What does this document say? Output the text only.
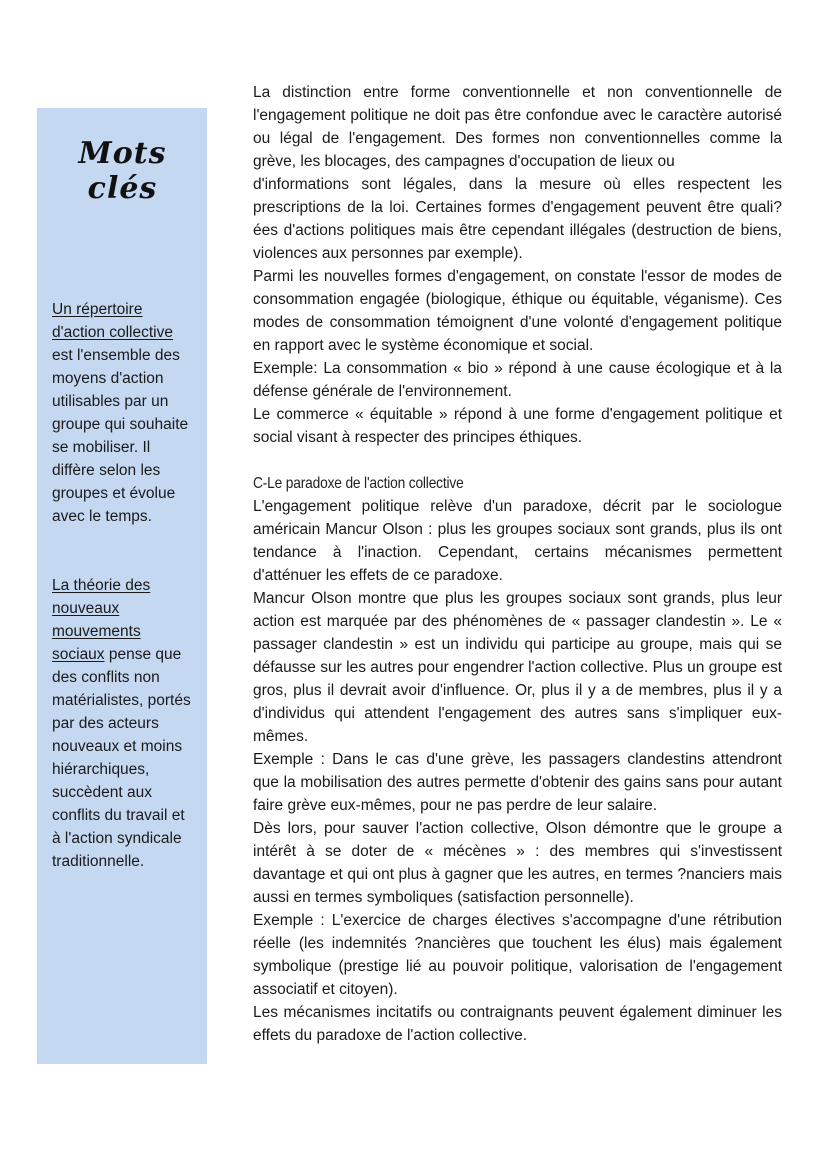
Mots clés
Un répertoire d'action collective est l'ensemble des moyens d'action utilisables par un groupe qui souhaite se mobiliser. Il diffère selon les groupes et évolue avec le temps.
La théorie des nouveaux mouvements sociaux pense que des conflits non matérialistes, portés par des acteurs nouveaux et moins hiérarchiques, succèdent aux conflits du travail et à l'action syndicale traditionnelle.

La distinction entre forme conventionnelle et non conventionnelle de l'engagement politique ne doit pas être confondue avec le caractère autorisé ou légal de l'engagement. Des formes non conventionnelles comme la grève, les blocages, des campagnes d'occupation de lieux ou

d'informations sont légales, dans la mesure où elles respectent les prescriptions de la loi. Certaines formes d'engagement peuvent être quali?ées d'actions politiques mais être cependant illégales (destruction de biens, violences aux personnes par exemple).

Parmi les nouvelles formes d'engagement, on constate l'essor de modes de consommation engagée (biologique, éthique ou équitable, véganisme). Ces modes de consommation témoignent d'une volonté d'engagement politique en rapport avec le système économique et social.

Exemple: La consommation « bio » répond à une cause écologique et à la défense générale de l'environnement.

Le commerce « équitable » répond à une forme d'engagement politique et social visant à respecter des principes éthiques.

C-Le paradoxe de l'action collective

L'engagement politique relève d'un paradoxe, décrit par le sociologue américain Mancur Olson : plus les groupes sociaux sont grands, plus ils ont tendance à l'inaction. Cependant, certains mécanismes permettent d'atténuer les effets de ce paradoxe.

Mancur Olson montre que plus les groupes sociaux sont grands, plus leur action est marquée par des phénomènes de « passager clandestin ». Le « passager clandestin » est un individu qui participe au groupe, mais qui se défausse sur les autres pour engendrer l'action collective. Plus un groupe est gros, plus il devrait avoir d'influence. Or, plus il y a de membres, plus il y a d'individus qui attendent l'engagement des autres sans s'impliquer eux-mêmes.

Exemple : Dans le cas d'une grève, les passagers clandestins attendront que la mobilisation des autres permette d'obtenir des gains sans pour autant faire grève eux-mêmes, pour ne pas perdre de leur salaire.

Dès lors, pour sauver l'action collective, Olson démontre que le groupe a intérêt à se doter de « mécènes » : des membres qui s'investissent davantage et qui ont plus à gagner que les autres, en termes ?nanciers mais aussi en termes symboliques (satisfaction personnelle).

Exemple : L'exercice de charges électives s'accompagne d'une rétribution réelle (les indemnités ?nancières que touchent les élus) mais également symbolique (prestige lié au pouvoir politique, valorisation de l'engagement associatif et citoyen).

Les mécanismes incitatifs ou contraignants peuvent également diminuer les effets du paradoxe de l'action collective.
